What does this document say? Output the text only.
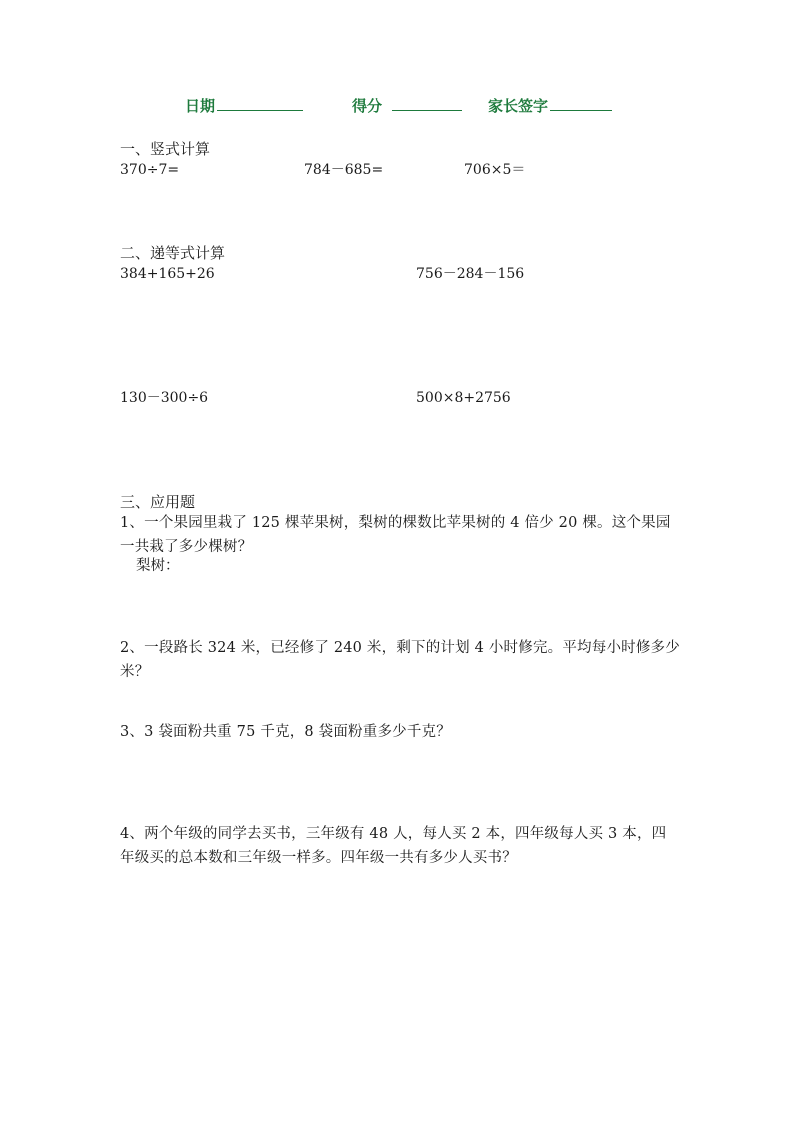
日期	得分	家长签字
一、竖式计算
370÷7=	784－685=	706×5＝
二、递等式计算
384+165+26	756－284－156
130－300÷6	500×8+2756
三、应用题
1、一个果园里栽了 125 棵苹果树，梨树的棵数比苹果树的 4 倍少 20 棵。这个果园一共栽了多少棵树？
梨树：
2、一段路长 324 米，已经修了 240 米，剩下的计划 4 小时修完。平均每小时修多少米？
3、3 袋面粉共重 75 千克，8 袋面粉重多少千克？
4、两个年级的同学去买书，三年级有 48 人，每人买 2 本，四年级每人买 3 本，四年级买的总本数和三年级一样多。四年级一共有多少人买书？
